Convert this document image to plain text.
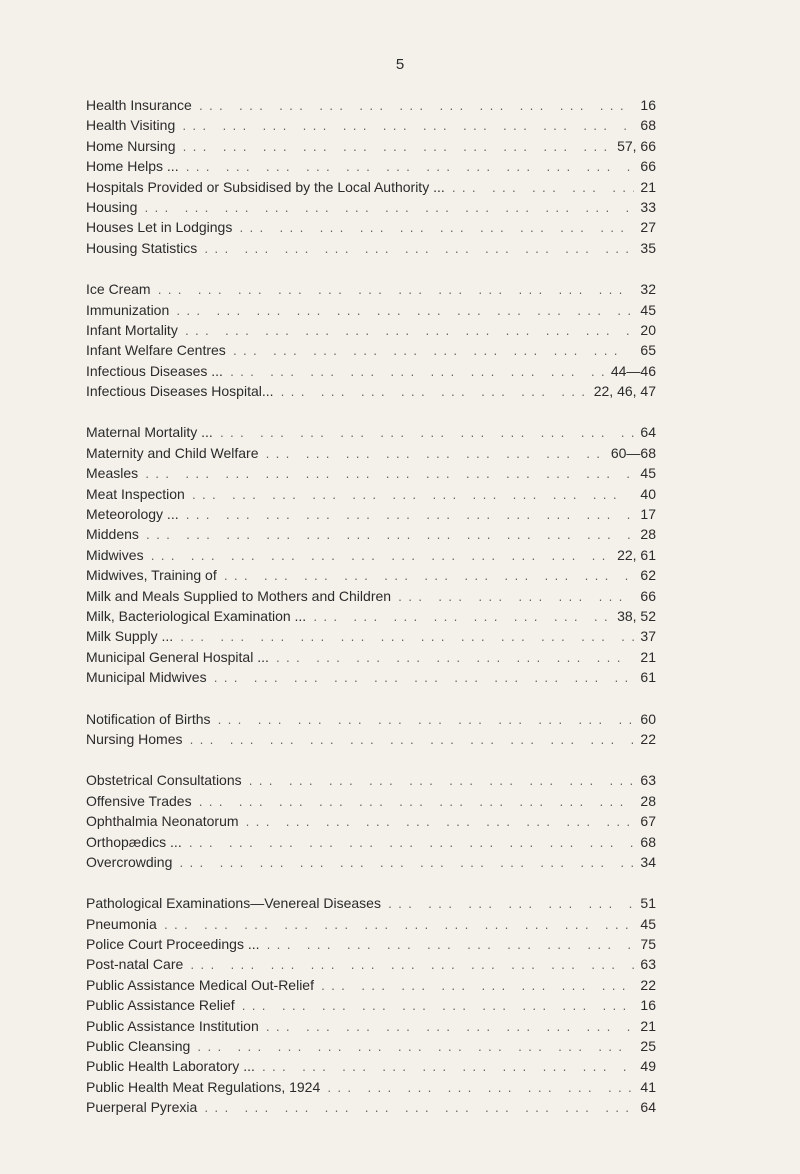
5
Health Insurance ... .	16
Health Visiting ... .	68
Home Nursing ... .	57, 66
Home Helps ... ... .	66
Hospitals Provided or Subsidised by the Local Authority ... ... .	21
Housing ... .	33
Houses Let in Lodgings ... .	27
Housing Statistics ... .	35
Ice Cream ... .	32
Immunization ... .	45
Infant Mortality ... .	20
Infant Welfare Centres ... .	65
Infectious Diseases ... ... .	44—46
Infectious Diseases Hospital... ... .	22, 46, 47
Maternal Mortality ... ... .	64
Maternity and Child Welfare ... .	60—68
Measles ... .	45
Meat Inspection ... .	40
Meteorology ... ... .	17
Middens ... .	28
Midwives ... .	22, 61
Midwives, Training of ... .	62
Milk and Meals Supplied to Mothers and Children ... .	66
Milk, Bacteriological Examination ... ... .	38, 52
Milk Supply ... ... .	37
Municipal General Hospital ... ... .	21
Municipal Midwives ... .	61
Notification of Births ... .	60
Nursing Homes ... .	22
Obstetrical Consultations ... .	63
Offensive Trades ... .	28
Ophthalmia Neonatorum ... .	67
Orthopædics ... ... .	68
Overcrowding ... .	34
Pathological Examinations—Venereal Diseases ... .	51
Pneumonia ... .	45
Police Court Proceedings ... ... .	75
Post-natal Care ... .	63
Public Assistance Medical Out-Relief ... .	22
Public Assistance Relief ... .	16
Public Assistance Institution ... .	21
Public Cleansing ... .	25
Public Health Laboratory ... ... .	49
Public Health Meat Regulations, 1924 ... .	41
Puerperal Pyrexia ... .	64
